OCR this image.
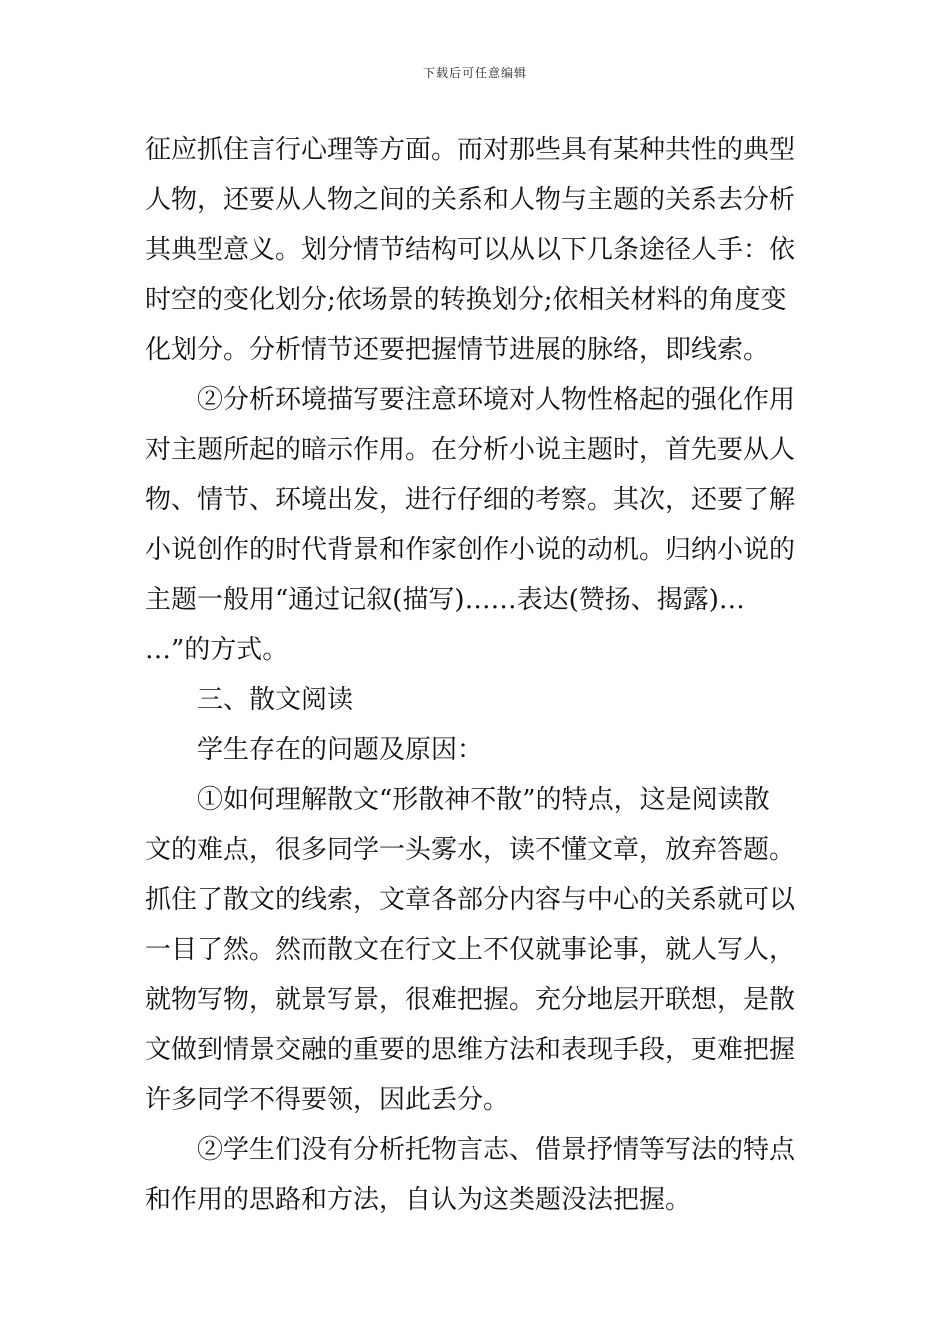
下载后可任意编辑
征应抓住言行心理等方面。而对那些具有某种共性的典型
人物，还要从人物之间的关系和人物与主题的关系去分析
其典型意义。划分情节结构可以从以下几条途径人手：依
时空的变化划分;依场景的转换划分;依相关材料的角度变
化划分。分析情节还要把握情节进展的脉络，即线索。
②分析环境描写要注意环境对人物性格起的强化作用
对主题所起的暗示作用。在分析小说主题时，首先要从人
物、情节、环境出发，进行仔细的考察。其次，还要了解
小说创作的时代背景和作家创作小说的动机。归纳小说的
主题一般用“通过记叙(描写)……表达(赞扬、揭露)…
…”的方式。
三、散文阅读
学生存在的问题及原因：
①如何理解散文“形散神不散”的特点，这是阅读散
文的难点，很多同学一头雾水，读不懂文章，放弃答题。
抓住了散文的线索，文章各部分内容与中心的关系就可以
一目了然。然而散文在行文上不仅就事论事，就人写人，
就物写物，就景写景，很难把握。充分地层开联想，是散
文做到情景交融的重要的思维方法和表现手段，更难把握
许多同学不得要领，因此丢分。
②学生们没有分析托物言志、借景抒情等写法的特点
和作用的思路和方法，自认为这类题没法把握。
